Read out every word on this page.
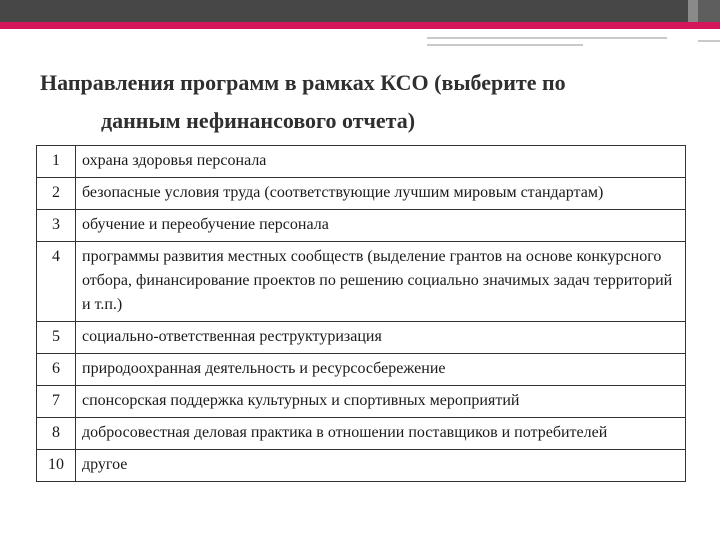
Направления программ в рамках КСО (выберите по
данным нефинансового отчета)
1	охрана здоровья персонала
2	безопасные условия труда (соответствующие лучшим мировым стандартам)
3	обучение и переобучение персонала
4	программы развития местных сообществ (выделение грантов на основе конкурсного отбора, финансирование проектов по решению социально значимых задач территорий и т.п.)
5	социально-ответственная реструктуризация
6	природоохранная деятельность и ресурсосбережение
7	спонсорская поддержка культурных и спортивных мероприятий
8	добросовестная деловая практика в отношении поставщиков и потребителей
10	другое
